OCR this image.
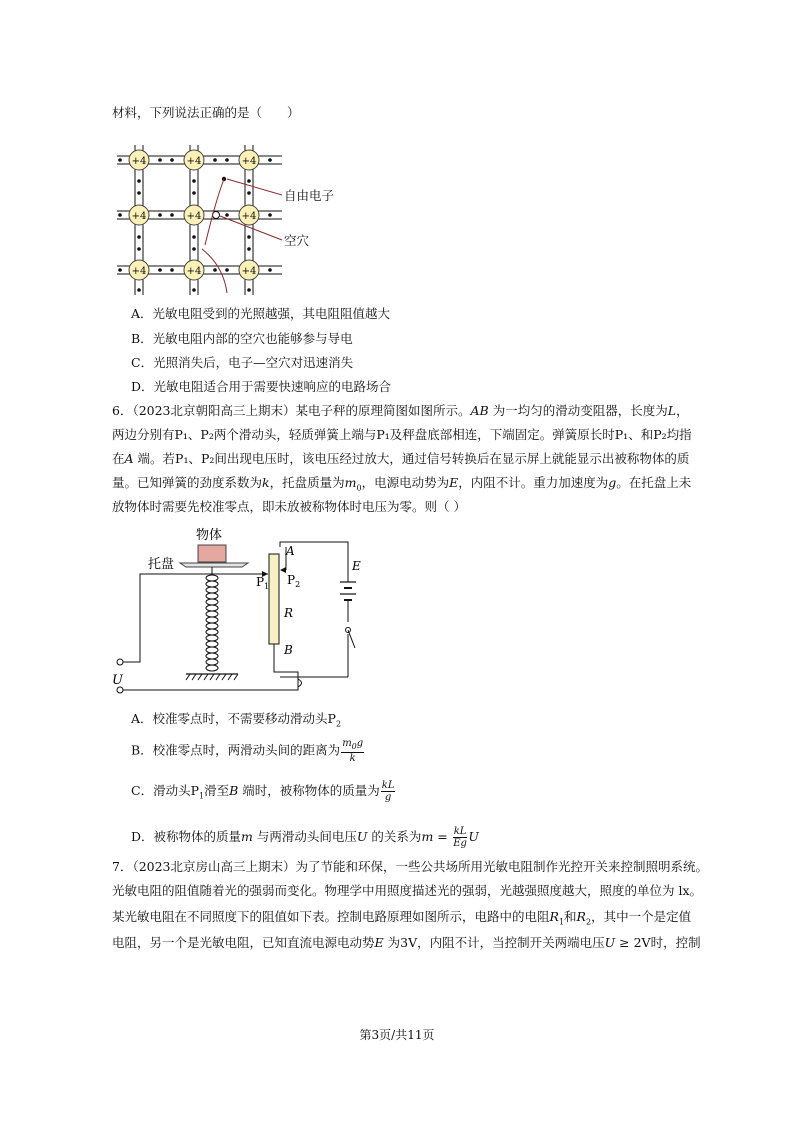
材料，下列说法正确的是（　　）
+4	+4	+4
+4	+4	+4
+4	+4	+4
自由电子
空穴
A．光敏电阻受到的光照越强，其电阻阻值越大
B．光敏电阻内部的空穴也能够参与导电
C．光照消失后，电子—空穴对迅速消失
D．光敏电阻适合用于需要快速响应的电路场合
6．（2023北京朝阳高三上期末）某电子秤的原理简图如图所示。AB 为一均匀的滑动变阻器，长度为L，
两边分别有P₁、P₂两个滑动头，轻质弹簧上端与P₁及秤盘底部相连，下端固定。弹簧原长时P₁、和P₂均指
在A 端。若P₁、P₂间出现电压时，该电压经过放大，通过信号转换后在显示屏上就能显示出被称物体的质
量。已知弹簧的劲度系数为k，托盘质量为$m_0$，电源电动势为E，内阻不计。重力加速度为g。在托盘上未
放物体时需要先校准零点，即未放被称物体时电压为零。则（ ）
物体
托盘
A
$P_1$ $P_2$
R
B
E
U
A．校准零点时，不需要移动滑动头$P_2$
B．校准零点时，两滑动头间的距离为 $\frac{m_0g}{k}$
C．滑动头$P_1$滑至B 端时，被称物体的质量为 $\frac{kL}{g}$
D．被称物体的质量m 与两滑动头间电压U 的关系为$m = \frac{kL}{Eg}$ U
7．（2023北京房山高三上期末）为了节能和环保，一些公共场所用光敏电阻制作光控开关来控制照明系统。
光敏电阻的阻值随着光的强弱而变化。物理学中用照度描述光的强弱，光越强照度越大，照度的单位为 lx。
某光敏电阻在不同照度下的阻值如下表。控制电路原理如图所示，电路中的电阻$R_1$和$R_2$，其中一个是定值
电阻，另一个是光敏电阻，已知直流电源电动势E 为3V，内阻不计，当控制开关两端电压U ≥ 2V时，控制
第3页/共11页
